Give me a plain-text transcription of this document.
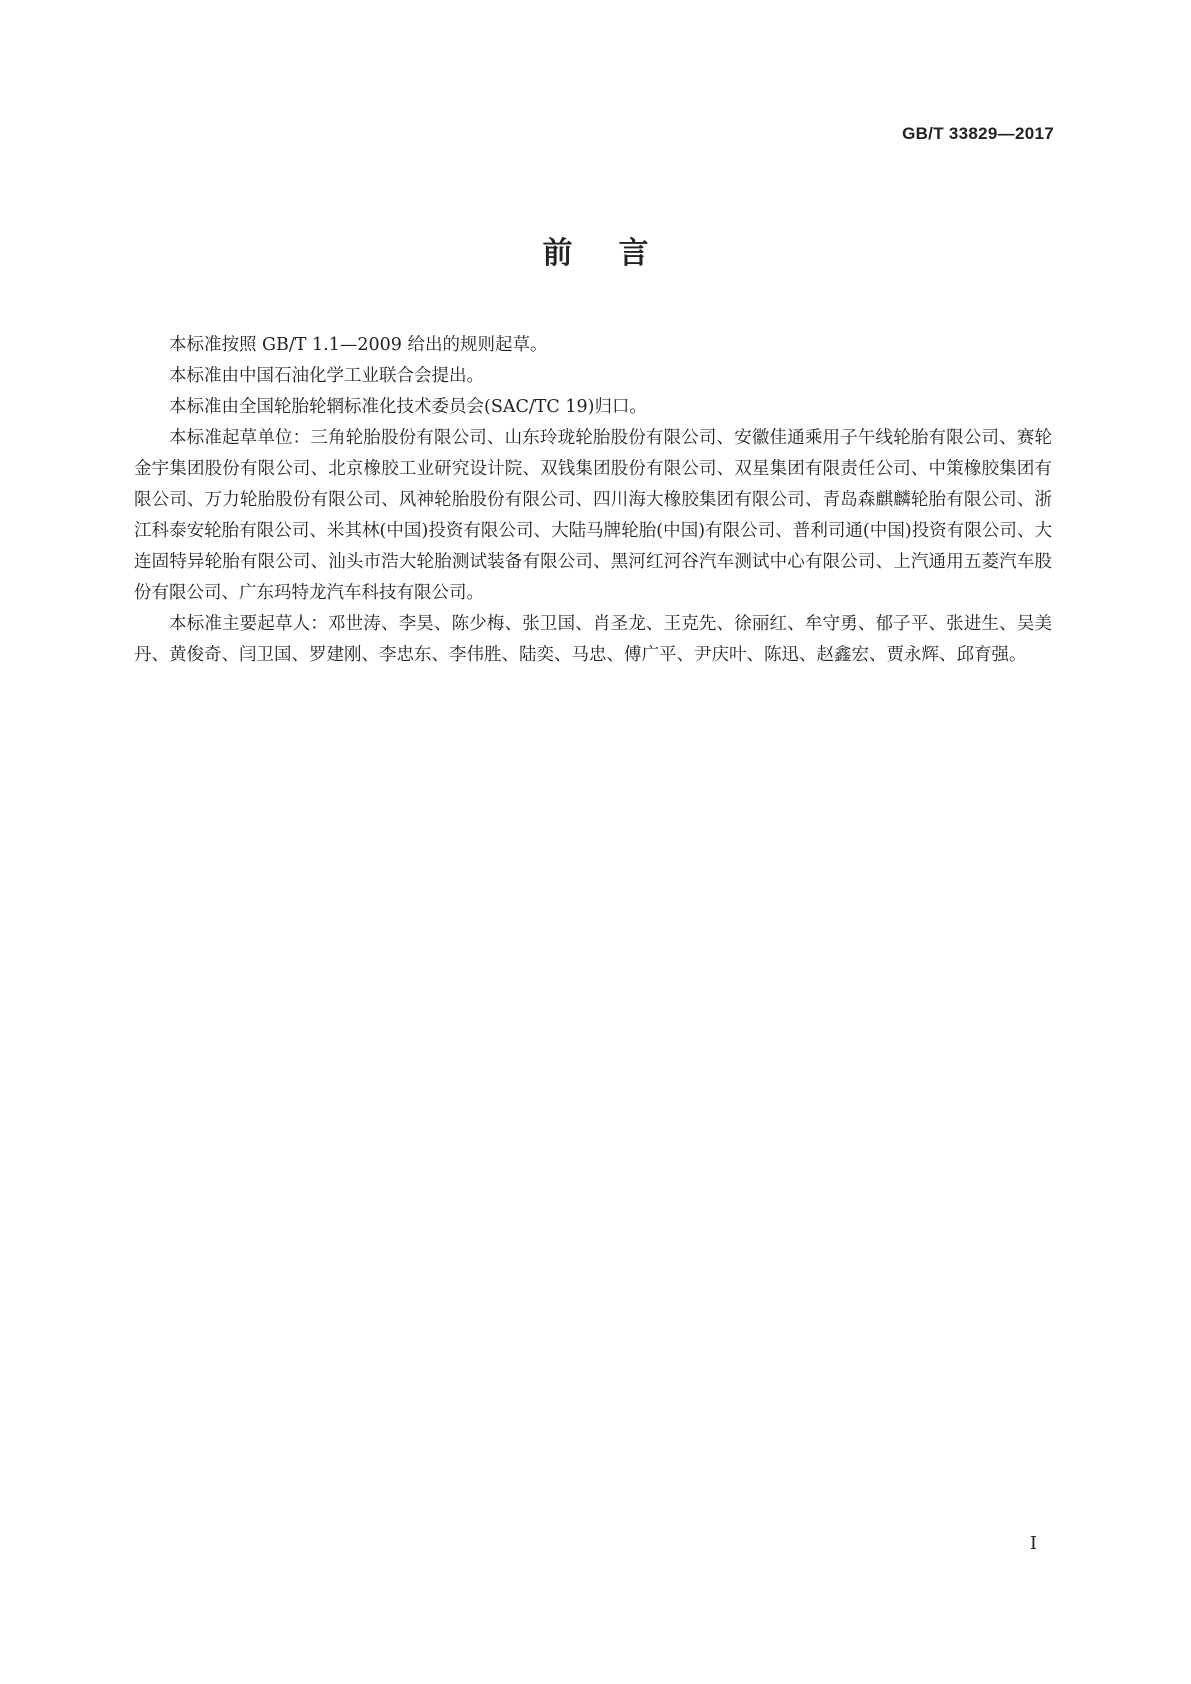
GB/T 33829—2017
前言

本标准按照 GB/T 1.1—2009 给出的规则起草。

本标准由中国石油化学工业联合会提出。

本标准由全国轮胎轮辋标准化技术委员会(SAC/TC 19)归口。

本标准起草单位：三角轮胎股份有限公司、山东玲珑轮胎股份有限公司、安徽佳通乘用子午线轮胎有限公司、赛轮金宇集团股份有限公司、北京橡胶工业研究设计院、双钱集团股份有限公司、双星集团有限责任公司、中策橡胶集团有限公司、万力轮胎股份有限公司、风神轮胎股份有限公司、四川海大橡胶集团有限公司、青岛森麒麟轮胎有限公司、浙江科泰安轮胎有限公司、米其林(中国)投资有限公司、大陆马牌轮胎(中国)有限公司、普利司通(中国)投资有限公司、大连固特异轮胎有限公司、汕头市浩大轮胎测试装备有限公司、黑河红河谷汽车测试中心有限公司、上汽通用五菱汽车股份有限公司、广东玛特龙汽车科技有限公司。

本标准主要起草人：邓世涛、李昊、陈少梅、张卫国、肖圣龙、王克先、徐丽红、牟守勇、郁子平、张进生、吴美丹、黄俊奇、闫卫国、罗建刚、李忠东、李伟胜、陆奕、马忠、傅广平、尹庆叶、陈迅、赵鑫宏、贾永辉、邱育强。

I
